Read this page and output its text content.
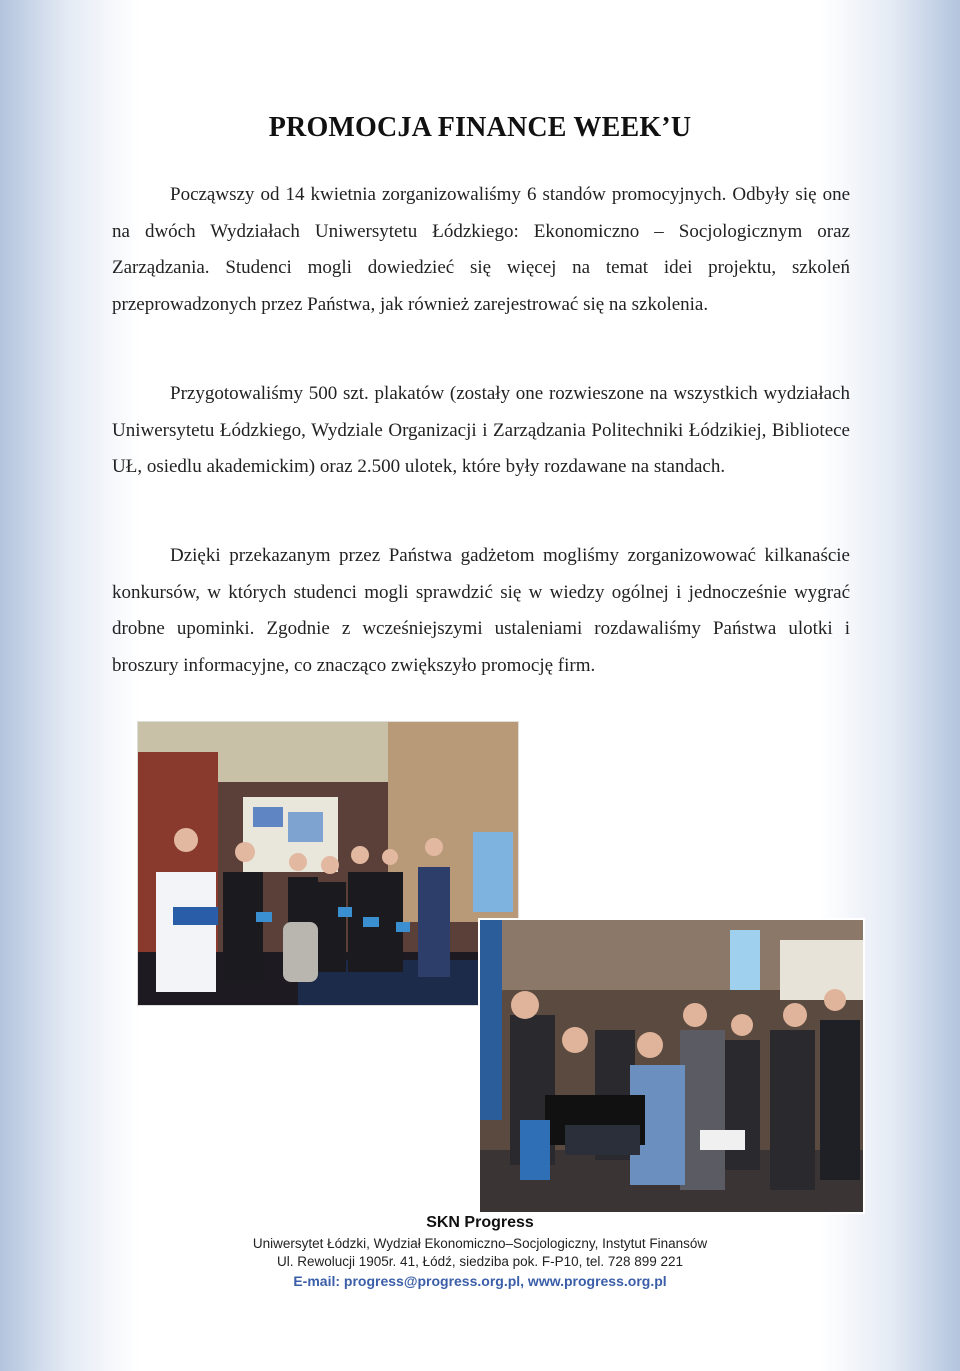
PROMOCJA FINANCE WEEK’U

Począwszy od 14 kwietnia zorganizowaliśmy 6 standów promocyjnych. Odbyły się one na dwóch Wydziałach Uniwersytetu Łódzkiego: Ekonomiczno – Socjologicznym oraz Zarządzania. Studenci mogli dowiedzieć się więcej na temat idei projektu, szkoleń przeprowadzonych przez Państwa, jak również zarejestrować się na szkolenia.

Przygotowaliśmy 500 szt. plakatów (zostały one rozwieszone na wszystkich wydziałach Uniwersytetu Łódzkiego, Wydziale Organizacji i Zarządzania Politechniki Łódzikiej, Bibliotece UŁ, osiedlu akademickim) oraz 2.500 ulotek, które były rozdawane na standach.

Dzięki przekazanym przez Państwa gadżetom mogliśmy zorganizowować kilkanaście konkursów, w których studenci mogli sprawdzić się w wiedzy ogólnej i jednocześnie wygrać drobne upominki. Zgodnie z wcześniejszymi ustaleniami rozdawaliśmy Państwa ulotki i broszury informacyjne, co znacząco zwiększyło promocję firm.

SKN Progress
Uniwersytet Łódzki, Wydział Ekonomiczno–Socjologiczny, Instytut Finansów
Ul. Rewolucji 1905r. 41, Łódź, siedziba pok. F-P10, tel. 728 899 221
E-mail: progress@progress.org.pl, www.progress.org.pl
